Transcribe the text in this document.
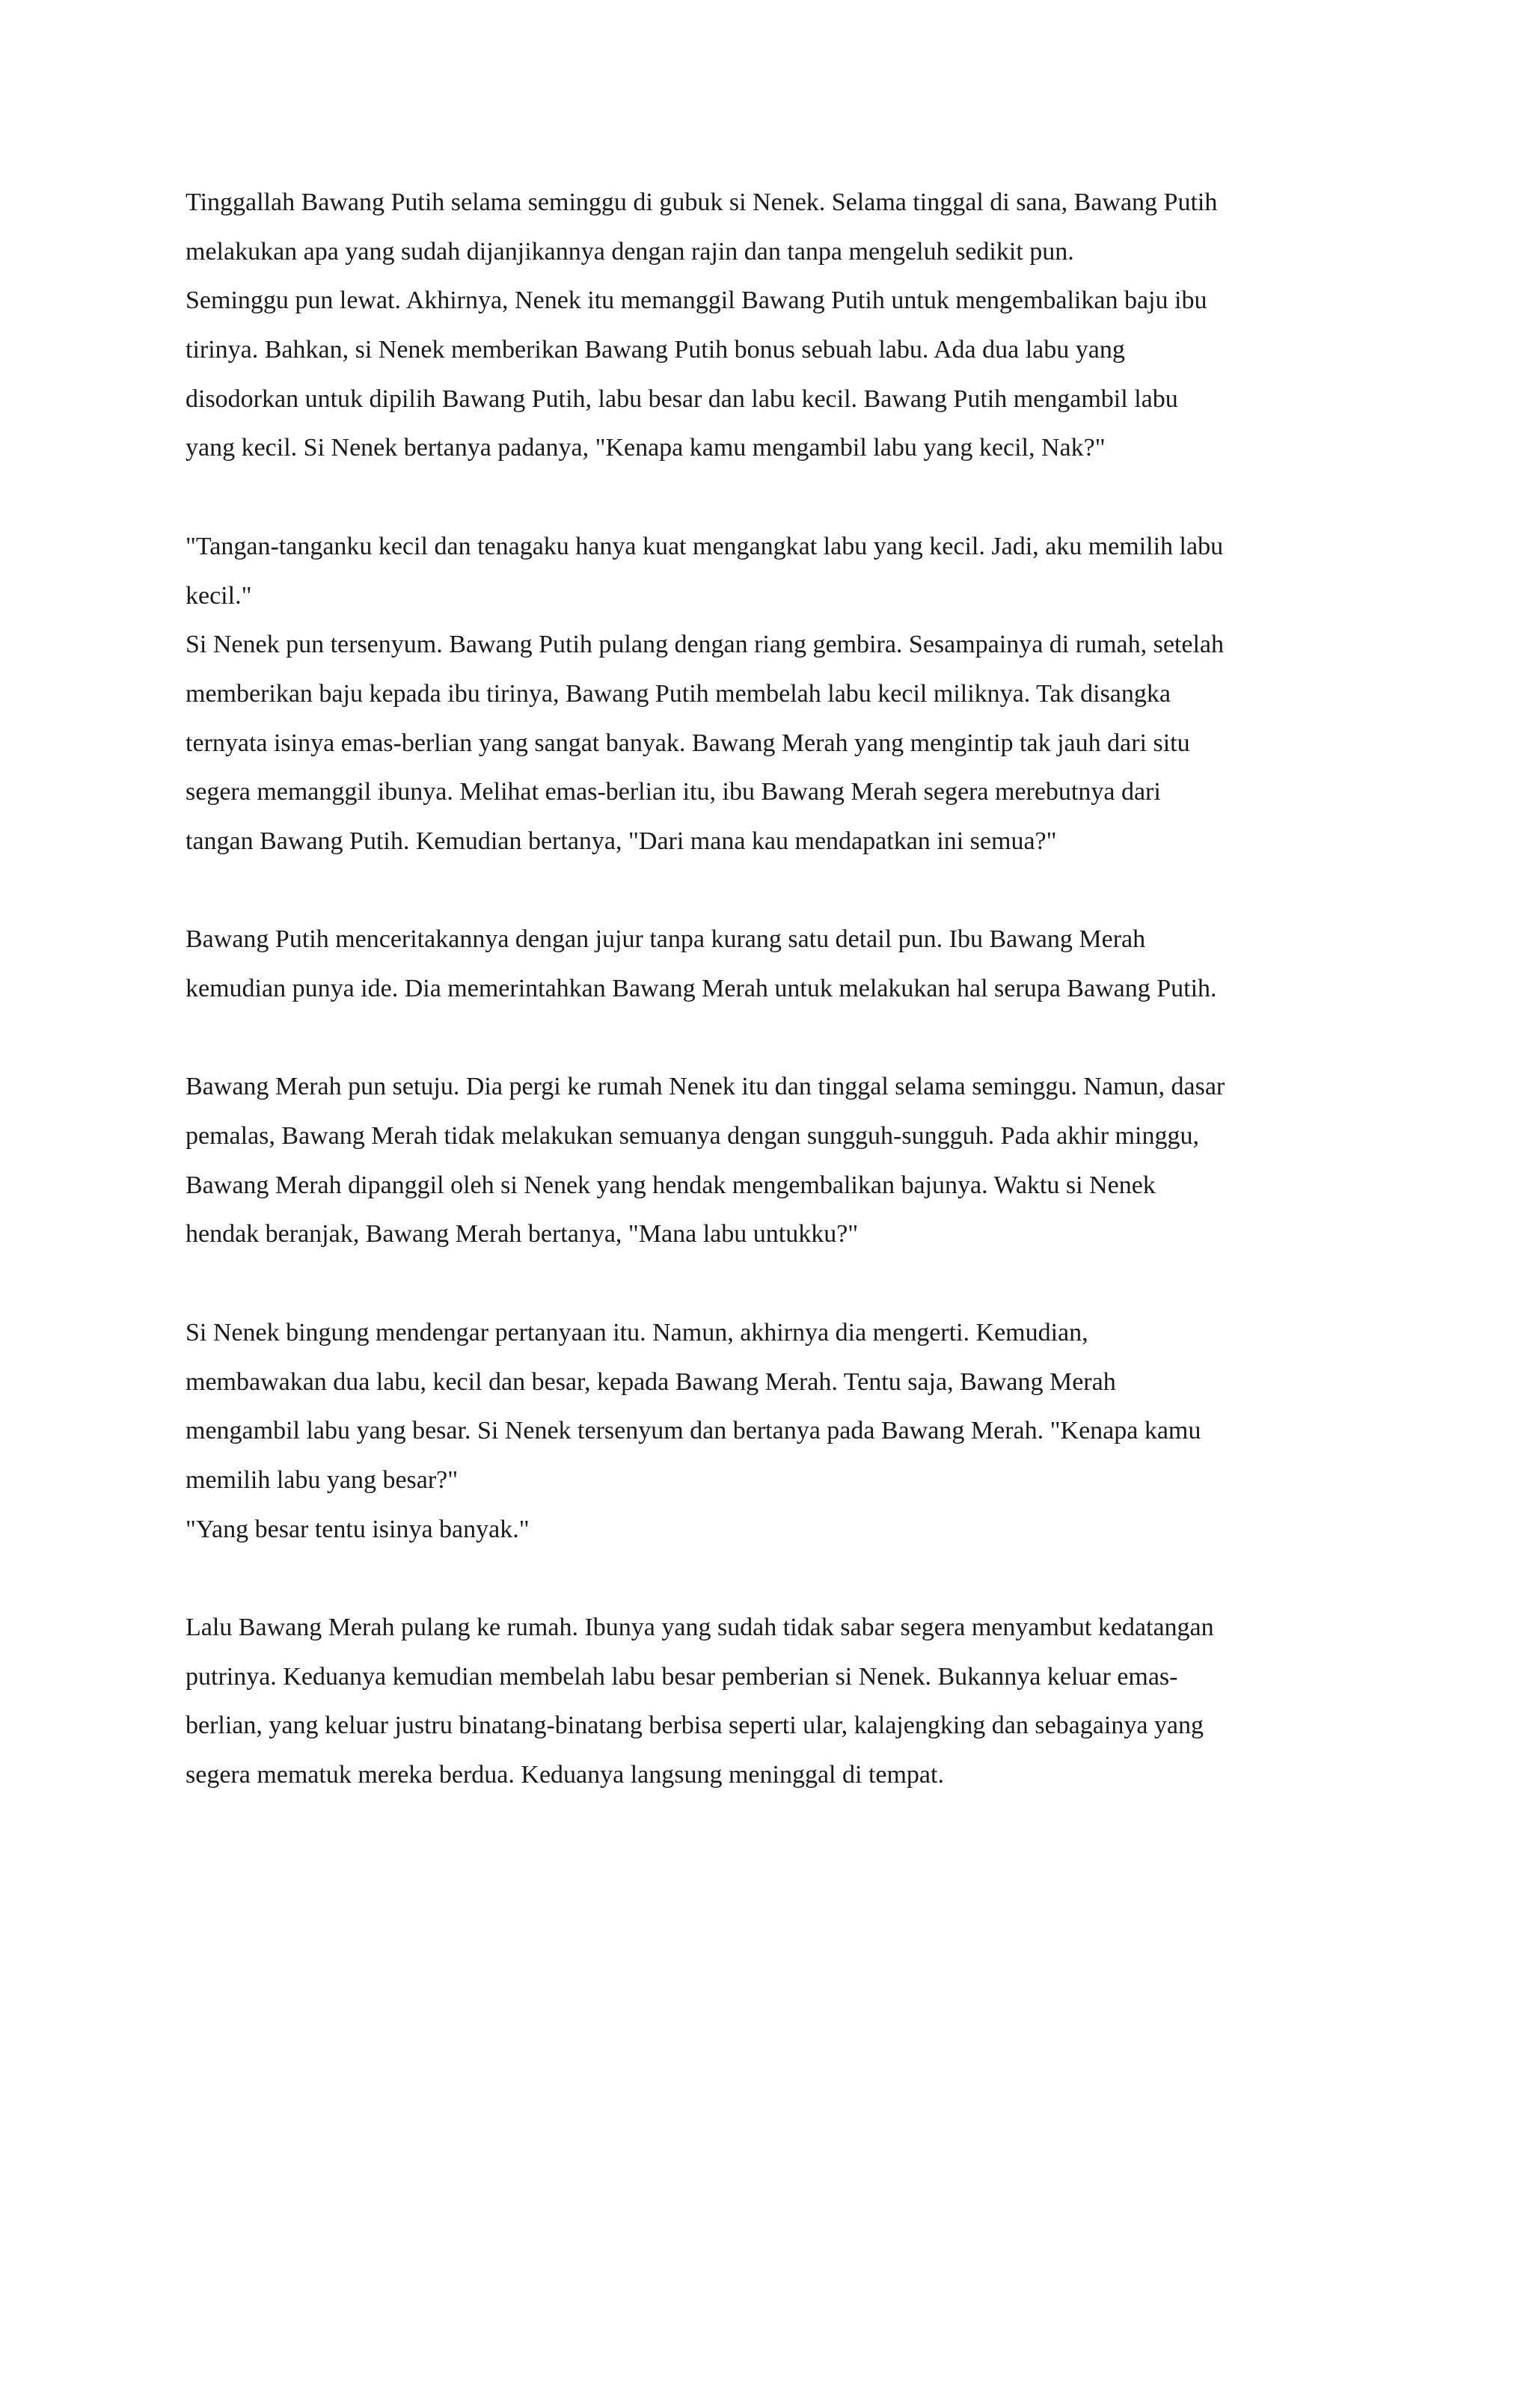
Tinggallah Bawang Putih selama seminggu di gubuk si Nenek. Selama tinggal di sana, Bawang Putih
melakukan apa yang sudah dijanjikannya dengan rajin dan tanpa mengeluh sedikit pun.
Seminggu pun lewat. Akhirnya, Nenek itu memanggil Bawang Putih untuk mengembalikan baju ibu
tirinya. Bahkan, si Nenek memberikan Bawang Putih bonus sebuah labu. Ada dua labu yang
disodorkan untuk dipilih Bawang Putih, labu besar dan labu kecil. Bawang Putih mengambil labu
yang kecil. Si Nenek bertanya padanya, "Kenapa kamu mengambil labu yang kecil, Nak?"
"Tangan-tanganku kecil dan tenagaku hanya kuat mengangkat labu yang kecil. Jadi, aku memilih labu
kecil."
Si Nenek pun tersenyum. Bawang Putih pulang dengan riang gembira. Sesampainya di rumah, setelah
memberikan baju kepada ibu tirinya, Bawang Putih membelah labu kecil miliknya. Tak disangka
ternyata isinya emas-berlian yang sangat banyak. Bawang Merah yang mengintip tak jauh dari situ
segera memanggil ibunya. Melihat emas-berlian itu, ibu Bawang Merah segera merebutnya dari
tangan Bawang Putih. Kemudian bertanya, "Dari mana kau mendapatkan ini semua?"
Bawang Putih menceritakannya dengan jujur tanpa kurang satu detail pun. Ibu Bawang Merah
kemudian punya ide. Dia memerintahkan Bawang Merah untuk melakukan hal serupa Bawang Putih.
Bawang Merah pun setuju. Dia pergi ke rumah Nenek itu dan tinggal selama seminggu. Namun, dasar
pemalas, Bawang Merah tidak melakukan semuanya dengan sungguh-sungguh. Pada akhir minggu,
Bawang Merah dipanggil oleh si Nenek yang hendak mengembalikan bajunya. Waktu si Nenek
hendak beranjak, Bawang Merah bertanya, "Mana labu untukku?"
Si Nenek bingung mendengar pertanyaan itu. Namun, akhirnya dia mengerti. Kemudian,
membawakan dua labu, kecil dan besar, kepada Bawang Merah. Tentu saja, Bawang Merah
mengambil labu yang besar. Si Nenek tersenyum dan bertanya pada Bawang Merah. "Kenapa kamu
memilih labu yang besar?"
"Yang besar tentu isinya banyak."
Lalu Bawang Merah pulang ke rumah. Ibunya yang sudah tidak sabar segera menyambut kedatangan
putrinya. Keduanya kemudian membelah labu besar pemberian si Nenek. Bukannya keluar emas-
berlian, yang keluar justru binatang-binatang berbisa seperti ular, kalajengking dan sebagainya yang
segera mematuk mereka berdua. Keduanya langsung meninggal di tempat.
